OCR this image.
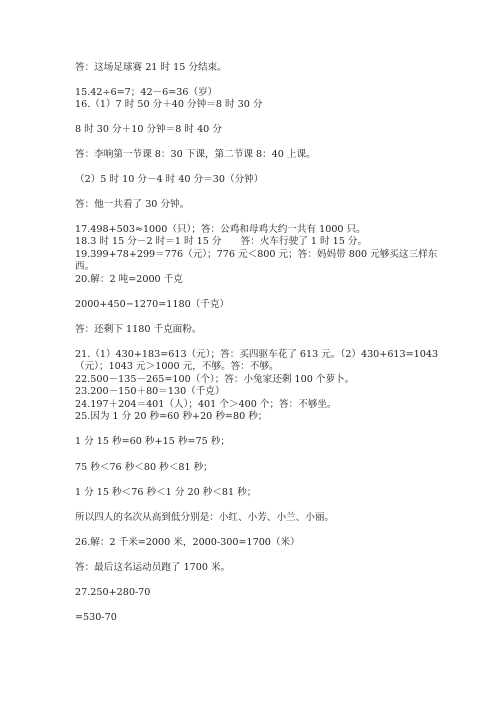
答：这场足球赛 21 时 15 分结束。
15.42÷6=7；42－6=36（岁）
16.（1）7 时 50 分＋40 分钟＝8 时 30 分
8 时 30 分＋10 分钟＝8 时 40 分
答：李响第一节课 8：30 下课，第二节课 8：40 上课。
（2）5 时 10 分－4 时 40 分＝30（分钟）
答：他一共看了 30 分钟。
17.498+503≈1000（只）；答：公鸡和母鸡大约一共有 1000 只。
18.3 时 15 分－2 时＝1 时 15 分　　答：火车行驶了 1 时 15 分。
19.399+78+299＝776（元）；776 元＜800 元；答：妈妈带 800 元够买这三样东
西。
20.解：2 吨=2000 千克
2000+450−1270=1180（千克）
答：还剩下 1180 千克面粉。
21.（1）430+183=613（元）；答：买四驱车花了 613 元。（2）430+613=1043
（元）；1043 元＞1000 元，不够。答：不够。
22.500－135－265=100（个）；答：小兔家还剩 100 个萝卜。
23.200－150＋80＝130（千克）
24.197＋204＝401（人）；401 个＞400 个；答：不够坐。
25.因为 1 分 20 秒=60 秒+20 秒=80 秒；
1 分 15 秒=60 秒+15 秒=75 秒；
75 秒＜76 秒＜80 秒＜81 秒；
1 分 15 秒＜76 秒＜1 分 20 秒＜81 秒；
所以四人的名次从高到低分别是：小红、小芳、小兰、小丽。
26.解：2 千米=2000 米，2000-300=1700（米）
答：最后这名运动员跑了 1700 米。
27.250+280-70
=530-70
